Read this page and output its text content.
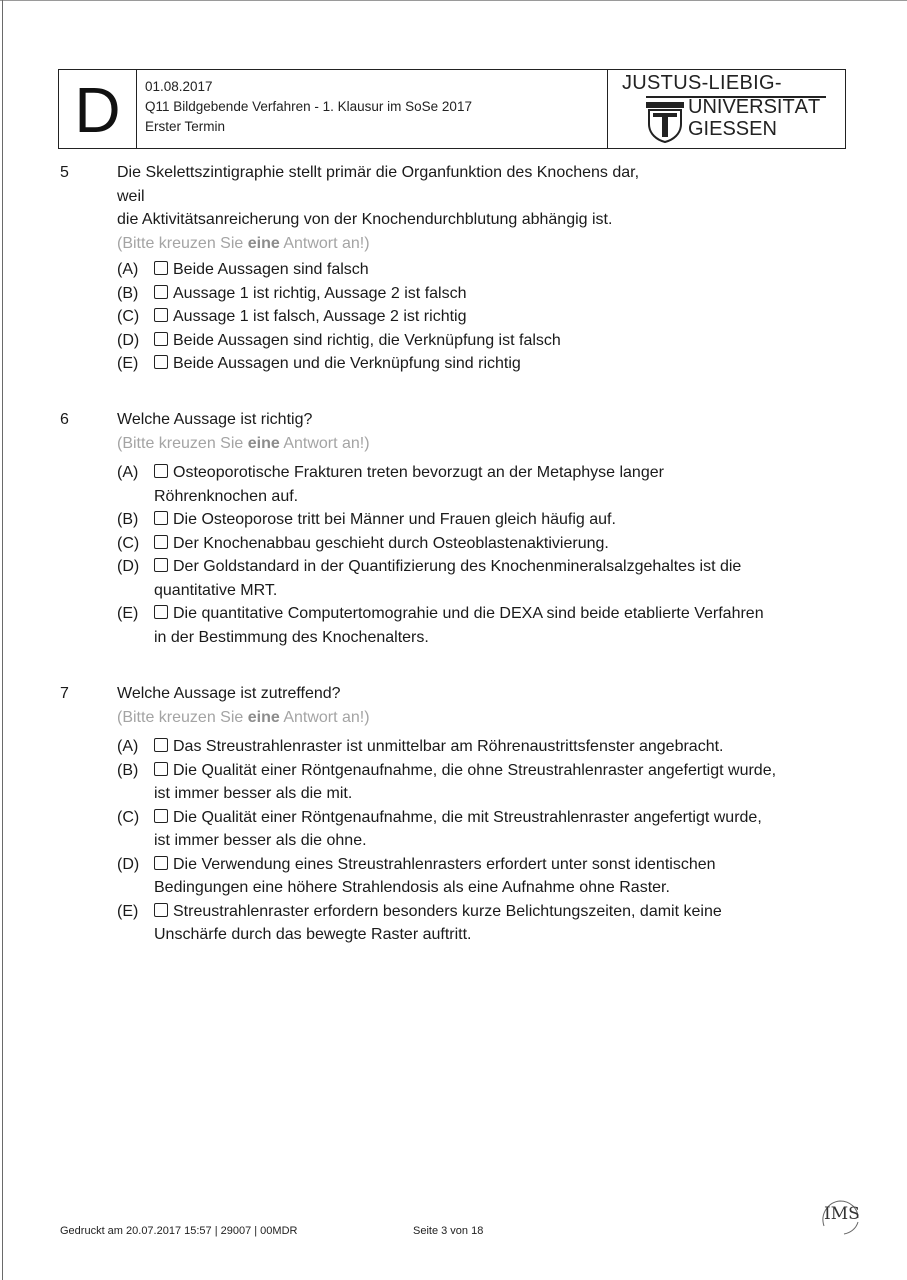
D	01.08.2017
Q11 Bildgebende Verfahren - 1. Klausur im SoSe 2017
Erster Termin
JUSTUS-LIEBIG-
UNIVERSITÄT
GIESSEN
5	Die Skelettszintigraphie stellt primär die Organfunktion des Knochens dar,
weil
die Aktivitätsanreicherung von der Knochendurchblutung abhängig ist.
(Bitte kreuzen Sie eine Antwort an!)
(A) Beide Aussagen sind falsch
(B) Aussage 1 ist richtig, Aussage 2 ist falsch
(C) Aussage 1 ist falsch, Aussage 2 ist richtig
(D) Beide Aussagen sind richtig, die Verknüpfung ist falsch
(E) Beide Aussagen und die Verknüpfung sind richtig
6	Welche Aussage ist richtig?
(Bitte kreuzen Sie eine Antwort an!)
(A) Osteoporotische Frakturen treten bevorzugt an der Metaphyse langer
Röhrenknochen auf.
(B) Die Osteoporose tritt bei Männer und Frauen gleich häufig auf.
(C) Der Knochenabbau geschieht durch Osteoblastenaktivierung.
(D) Der Goldstandard in der Quantifizierung des Knochenmineralsalzgehaltes ist die
quantitative MRT.
(E) Die quantitative Computertomograhie und die DEXA sind beide etablierte Verfahren
in der Bestimmung des Knochenalters.
7	Welche Aussage ist zutreffend?
(Bitte kreuzen Sie eine Antwort an!)
(A) Das Streustrahlenraster ist unmittelbar am Röhrenaustrittsfenster angebracht.
(B) Die Qualität einer Röntgenaufnahme, die ohne Streustrahlenraster angefertigt wurde,
ist immer besser als die mit.
(C) Die Qualität einer Röntgenaufnahme, die mit Streustrahlenraster angefertigt wurde,
ist immer besser als die ohne.
(D) Die Verwendung eines Streustrahlenrasters erfordert unter sonst identischen
Bedingungen eine höhere Strahlendosis als eine Aufnahme ohne Raster.
(E) Streustrahlenraster erfordern besonders kurze Belichtungszeiten, damit keine
Unschärfe durch das bewegte Raster auftritt.
Gedruckt am 20.07.2017 15:57 | 29007 | 00MDR	Seite 3 von 18
IMS
